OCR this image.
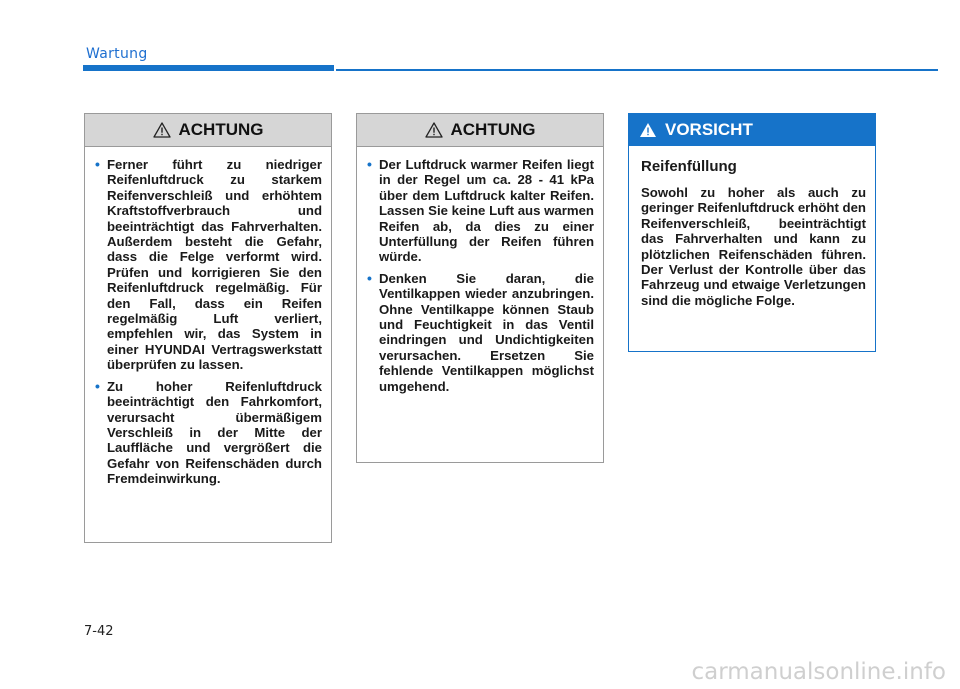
Wartung
ACHTUNG
• Ferner führt zu niedriger Reifenluftdruck zu starkem Reifenverschleiß und erhöhtem Kraftstoffverbrauch und beeinträchtigt das Fahrverhalten. Außerdem besteht die Gefahr, dass die Felge verformt wird. Prüfen und korrigieren Sie den Reifenluftdruck regelmäßig. Für den Fall, dass ein Reifen regelmäßig Luft verliert, empfehlen wir, das System in einer HYUNDAI Vertragswerkstatt überprüfen zu lassen.
• Zu hoher Reifenluftdruck beeinträchtigt den Fahrkomfort, verursacht übermäßigem Verschleiß in der Mitte der Lauffläche und vergrößert die Gefahr von Reifenschäden durch Fremdeinwirkung.
ACHTUNG
• Der Luftdruck warmer Reifen liegt in der Regel um ca. 28 - 41 kPa über dem Luftdruck kalter Reifen. Lassen Sie keine Luft aus warmen Reifen ab, da dies zu einer Unterfüllung der Reifen führen würde.
• Denken Sie daran, die Ventilkappen wieder anzubringen. Ohne Ventilkappe können Staub und Feuchtigkeit in das Ventil eindringen und Undichtigkeiten verursachen. Ersetzen Sie fehlende Ventilkappen möglichst umgehend.
VORSICHT
Reifenfüllung

Sowohl zu hoher als auch zu geringer Reifenluftdruck erhöht den Reifenverschleiß, beeinträchtigt das Fahrverhalten und kann zu plötzlichen Reifenschäden führen. Der Verlust der Kontrolle über das Fahrzeug und etwaige Verletzungen sind die mögliche Folge.

7-42
carmanualsonline.info
